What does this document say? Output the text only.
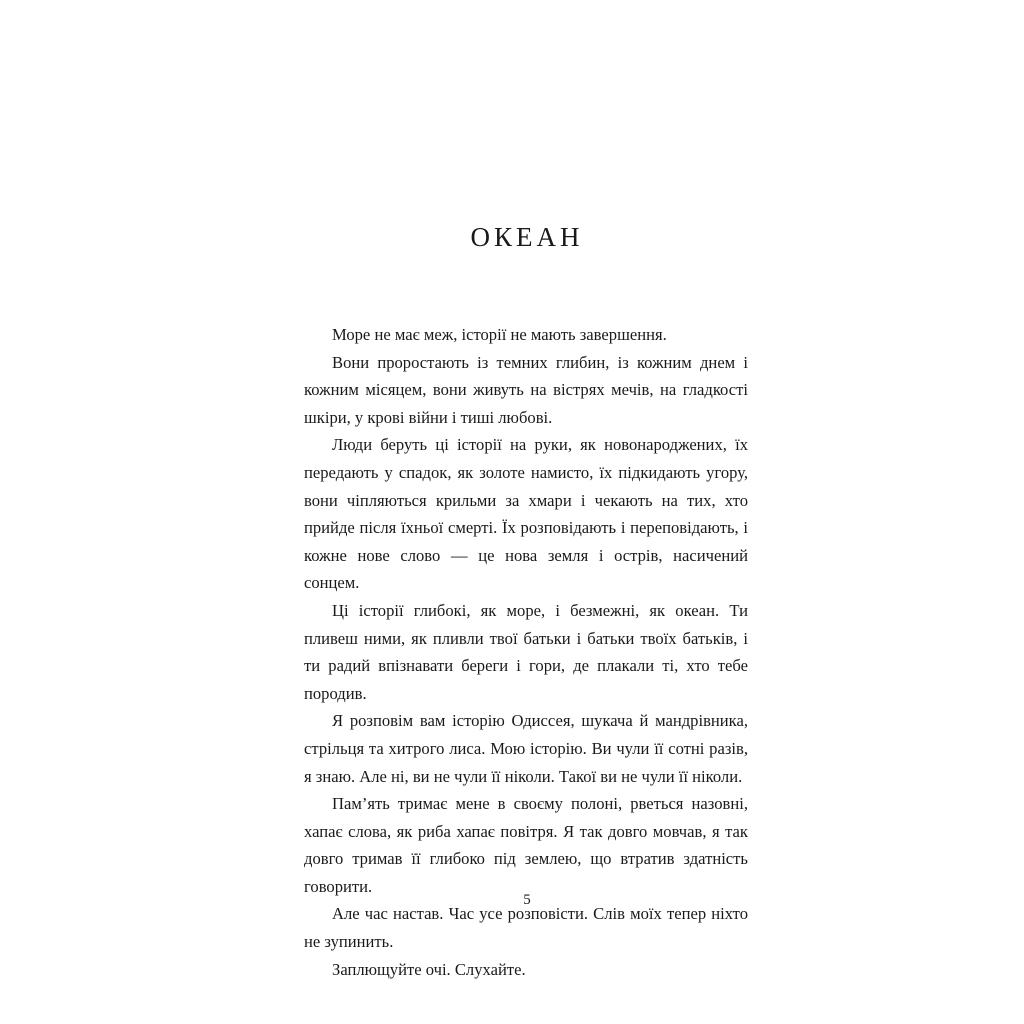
ОКЕАН

Море не має меж, історії не мають завершення.

Вони проростають із темних глибин, із кожним днем і кожним місяцем, вони живуть на вістрях мечів, на гладкості шкіри, у крові війни і тиші любові.

Люди беруть ці історії на руки, як новонароджених, їх передають у спадок, як золоте намисто, їх підкидають угору, вони чіпляються крильми за хмари і чекають на тих, хто прийде після їхньої смерті. Їх розповідають і переповідають, і кожне нове слово — це нова земля і острів, насичений сонцем.

Ці історії глибокі, як море, і безмежні, як океан. Ти пливеш ними, як пливли твої батьки і батьки твоїх батьків, і ти радий впізнавати береги і гори, де плакали ті, хто тебе породив.

Я розповім вам історію Одиссея, шукача й мандрівника, стрільця та хитрого лиса. Мою історію. Ви чули її сотні разів, я знаю. Але ні, ви не чули її ніколи. Такої ви не чули її ніколи.

Пам’ять тримає мене в своєму полоні, рветься назовні, хапає слова, як риба хапає повітря. Я так довго мовчав, я так довго тримав її глибоко під землею, що втратив здатність говорити.

Але час настав. Час усе розповісти. Слів моїх тепер ніхто не зупинить.

Заплющуйте очі. Слухайте.

5
